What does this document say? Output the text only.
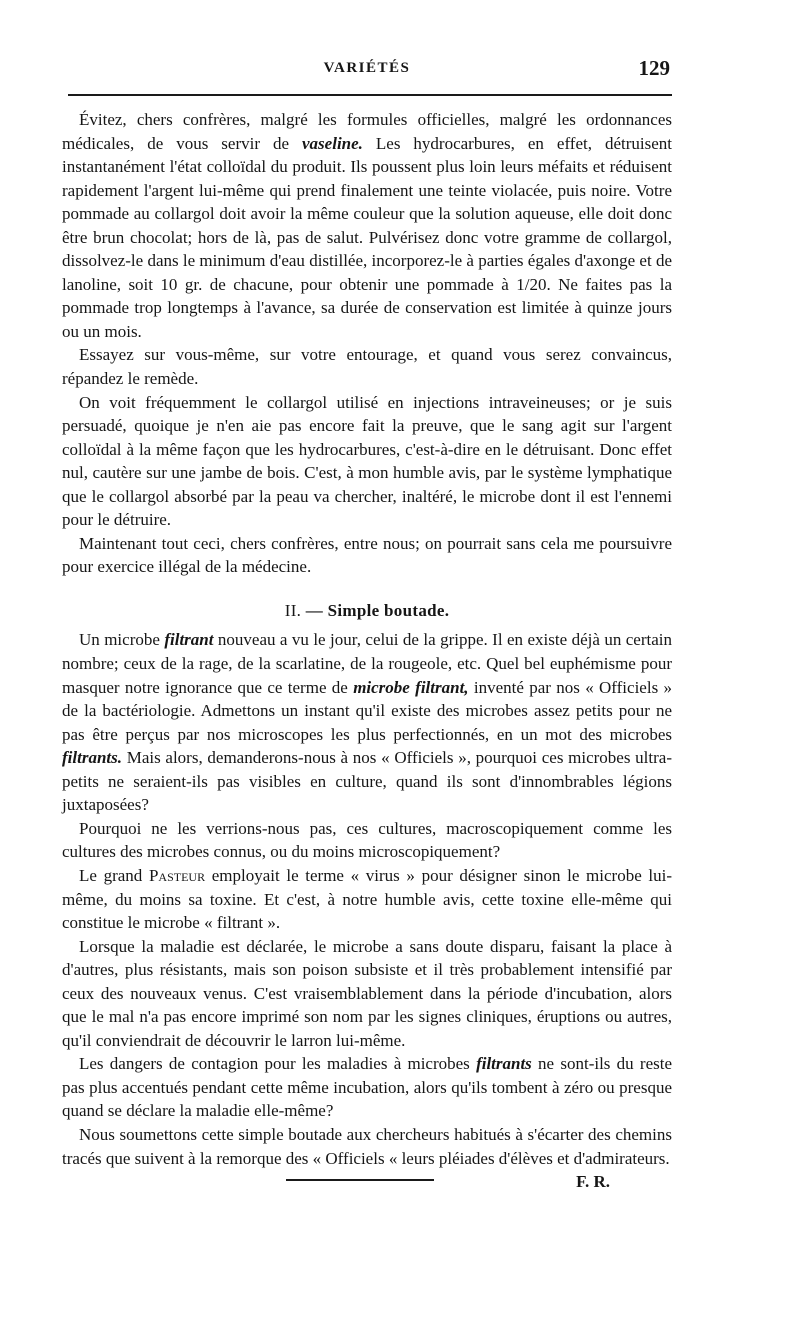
VARIÉTÉS	129

 Évitez, chers confrères, malgré les formules officielles, malgré les ordonnances médicales, de vous servir de vaseline. Les hydrocarbures, en effet, détruisent instantanément l'état colloïdal du produit. Ils poussent plus loin leurs méfaits et réduisent rapidement l'argent lui-même qui prend finalement une teinte violacée, puis noire. Votre pommade au collargol doit avoir la même couleur que la solution aqueuse, elle doit donc être brun chocolat; hors de là, pas de salut. Pulvérisez donc votre gramme de collargol, dissolvez-le dans le minimum d'eau distillée, incorporez-le à parties égales d'axonge et de lanoline, soit 10 gr. de chacune, pour obtenir une pommade à 1/20. Ne faites pas la pommade trop longtemps à l'avance, sa durée de conservation est limitée à quinze jours ou un mois.

 Essayez sur vous-même, sur votre entourage, et quand vous serez convaincus, répandez le remède.

 On voit fréquemment le collargol utilisé en injections intraveineuses; or je suis persuadé, quoique je n'en aie pas encore fait la preuve, que le sang agit sur l'argent colloïdal à la même façon que les hydrocarbures, c'est-à-dire en le détruisant. Donc effet nul, cautère sur une jambe de bois. C'est, à mon humble avis, par le système lymphatique que le collargol absorbé par la peau va chercher, inaltéré, le microbe dont il est l'ennemi pour le détruire.

 Maintenant tout ceci, chers confrères, entre nous; on pourrait sans cela me poursuivre pour exercice illégal de la médecine.

II. — Simple boutade.

 Un microbe filtrant nouveau a vu le jour, celui de la grippe. Il en existe déjà un certain nombre; ceux de la rage, de la scarlatine, de la rougeole, etc. Quel bel euphémisme pour masquer notre ignorance que ce terme de microbe filtrant, inventé par nos « Officiels » de la bactériologie. Admettons un instant qu'il existe des microbes assez petits pour ne pas être perçus par nos microscopes les plus perfectionnés, en un mot des microbes filtrants. Mais alors, demanderons-nous à nos « Officiels », pourquoi ces microbes ultra-petits ne seraient-ils pas visibles en culture, quand ils sont d'innombrables légions juxtaposées?

 Pourquoi ne les verrions-nous pas, ces cultures, macroscopiquement comme les cultures des microbes connus, ou du moins microscopiquement?

 Le grand Pasteur employait le terme « virus » pour désigner sinon le microbe lui-même, du moins sa toxine. Et c'est, à notre humble avis, cette toxine elle-même qui constitue le microbe « filtrant ».

 Lorsque la maladie est déclarée, le microbe a sans doute disparu, faisant la place à d'autres, plus résistants, mais son poison subsiste et il très probablement intensifié par ceux des nouveaux venus. C'est vraisemblablement dans la période d'incubation, alors que le mal n'a pas encore imprimé son nom par les signes cliniques, éruptions ou autres, qu'il conviendrait de découvrir le larron lui-même.

 Les dangers de contagion pour les maladies à microbes filtrants ne sont-ils du reste pas plus accentués pendant cette même incubation, alors qu'ils tombent à zéro ou presque quand se déclare la maladie elle-même?

 Nous soumettons cette simple boutade aux chercheurs habitués à s'écarter des chemins tracés que suivent à la remorque des « Officiels « leurs pléiades d'élèves et d'admirateurs.
F. R.
